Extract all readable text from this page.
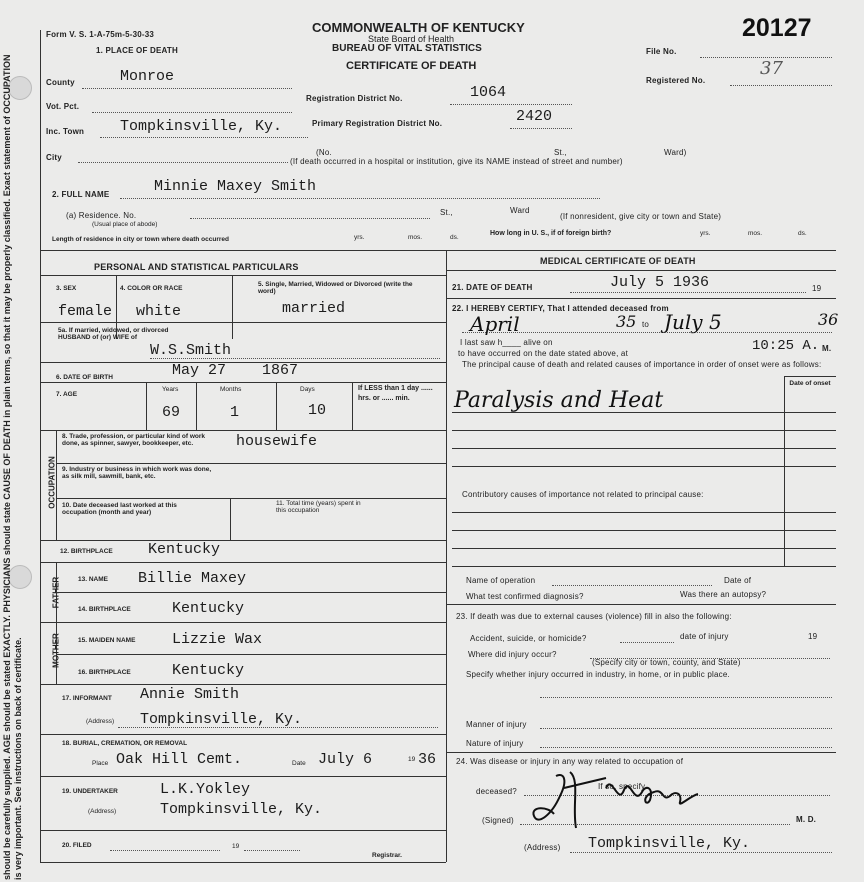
should be carefully supplied. AGE should be stated EXACTLY. PHYSICIANS should state CAUSE OF DEATH in plain terms, so that it may be properly classified. Exact statement of OCCUPATION is very important. See instructions on back of certificate.
Form V. S. 1-A-75m-5-30-33	COMMONWEALTH OF KENTUCKY
State Board of Health
BUREAU OF VITAL STATISTICS
CERTIFICATE OF DEATH
20127
File No.
Registered No.
37
1. PLACE OF DEATH
County	Monroe
Vot. Pct.
Registration District No.	1064
Inc. Town Tompkinsville, Ky.	Primary Registration District No.	2420
City
(No.	St.,	Ward)
(If death occurred in a hospital or institution, give its NAME instead of street and number)
2. FULL NAME	Minnie Maxey Smith
(a) Residence. No.
(Usual place of abode)
St.,	Ward
(If nonresident, give city or town and State)
Length of residence in city or town where death occurred	yrs.	mos.	ds.
How long in U. S., if of foreign birth?	yrs.	mos.	ds.
PERSONAL AND STATISTICAL PARTICULARS
3. SEX	4. COLOR OR RACE
5. Single, Married, Widowed or Divorced (write the word)
female white	married
5a. If married, widowed, or divorced HUSBAND of (or) WIFE of
W.S.Smith
6. DATE OF BIRTH	May 27 1867
7. AGE
Years	Months	Days	If LESS than 1 day ...... hrs. or ...... min.
69	1	10
OCCUPATION
8. Trade, profession, or particular kind of work done, as spinner, sawyer, bookkeeper, etc.	housewife
9. Industry or business in which work was done, as silk mill, sawmill, bank, etc.
10. Date deceased last worked at this occupation (month and year)
11. Total time (years) spent in this occupation
12. BIRTHPLACE Kentucky
FATHER	13. NAME Billie Maxey
14. BIRTHPLACE	Kentucky
MOTHER	15. MAIDEN NAME Lizzie Wax
16. BIRTHPLACE	Kentucky
17. INFORMANT Annie Smith
(Address) Tompkinsville, Ky.
18. BURIAL, CREMATION, OR REMOVAL
Place Oak Hill Cemt.	Date July 6	19 36
19. UNDERTAKER	L.K.Yokley
(Address)	Tompkinsville, Ky.
20. FILED	19
Registrar.
MEDICAL CERTIFICATE OF DEATH
21. DATE OF DEATH	July 5 1936	19
22. I HEREBY CERTIFY, That I attended deceased from
April	35 to July 5	36
I last saw h____ alive on
to have occurred on the date stated above, at	10:25 A. M.
The principal cause of death and related causes of importance in order of onset were as follows:
Date of onset
Paralysis and Heat
Contributory causes of importance not related to principal cause:
Name of operation	Date of
What test confirmed diagnosis?	Was there an autopsy?
23. If death was due to external causes (violence) fill in also the following:
Accident, suicide, or homicide?	date of injury	19
Where did injury occur?
(Specify city or town, county, and State)
Specify whether injury occurred in industry, in home, or in public place.
Manner of injury
Nature of injury
24. Was disease or injury in any way related to occupation of
deceased?
If so, specify
(Signed)	M. D.
(Address) Tompkinsville, Ky.
